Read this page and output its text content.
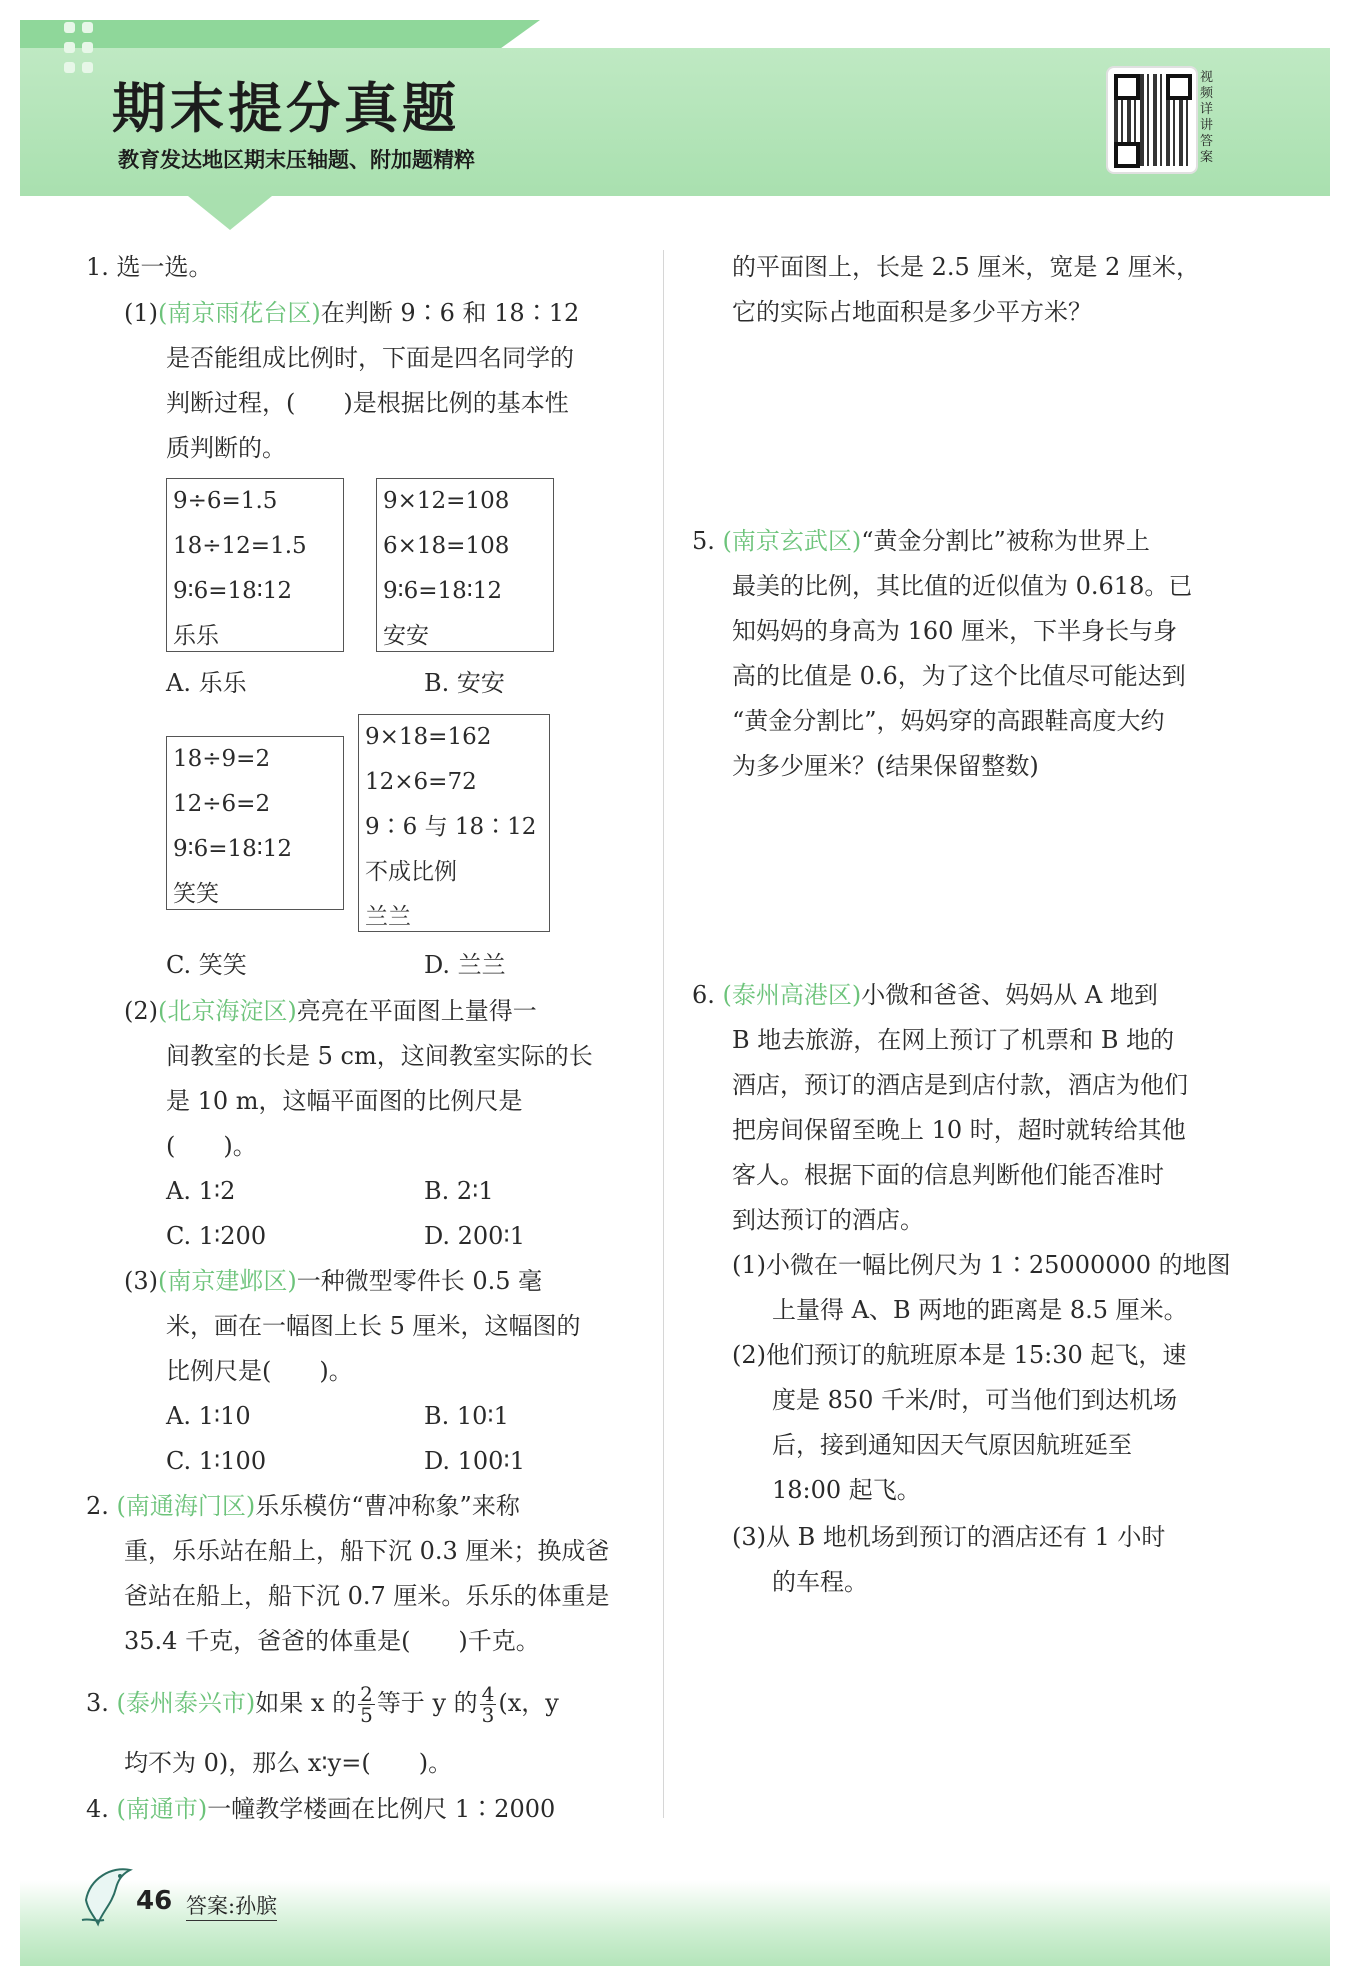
期末提分真题
教育发达地区期末压轴题、附加题精粹
视频详讲答案
1. 选一选。
(1)(南京雨花台区)在判断 9∶6 和 18∶12
是否能组成比例时，下面是四名同学的
判断过程，(　　)是根据比例的基本性
质判断的。
9÷6=1.5
18÷12=1.5
9∶6=18∶12
乐乐
9×12=108
6×18=108
9∶6=18∶12
安安
A. 乐乐	B. 安安
18÷9=2
12÷6=2
9∶6=18∶12
笑笑
9×18=162
12×6=72
9∶6 与 18∶12
不成比例
兰兰
C. 笑笑	D. 兰兰
(2)(北京海淀区)亮亮在平面图上量得一
间教室的长是 5 cm，这间教室实际的长
是 10 m，这幅平面图的比例尺是
(　　)。
A. 1∶2	B. 2∶1
C. 1∶200	D. 200∶1
(3)(南京建邺区)一种微型零件长 0.5 毫
米，画在一幅图上长 5 厘米，这幅图的
比例尺是(　　)。
A. 1∶10	B. 10∶1
C. 1∶100	D. 100∶1
2. (南通海门区)乐乐模仿“曹冲称象”来称
重，乐乐站在船上，船下沉 0.3 厘米；换成爸
爸站在船上，船下沉 0.7 厘米。乐乐的体重是
35.4 千克，爸爸的体重是(　　)千克。
3. (泰州泰兴市)如果 x 的 $\frac{2}{5}$ 等于 y 的 $\frac{4}{3} (x$，y
均不为 0)，那么 x∶y=(　　)。
4. (南通市)一幢教学楼画在比例尺 1∶2000
的平面图上，长是 2.5 厘米，宽是 2 厘米，
它的实际占地面积是多少平方米？
5. (南京玄武区)“黄金分割比”被称为世界上
最美的比例，其比值的近似值为 0.618。已
知妈妈的身高为 160 厘米，下半身长与身
高的比值是 0.6，为了这个比值尽可能达到
“黄金分割比”，妈妈穿的高跟鞋高度大约
为多少厘米？(结果保留整数)
6. (泰州高港区)小微和爸爸、妈妈从 A 地到
B 地去旅游，在网上预订了机票和 B 地的
酒店，预订的酒店是到店付款，酒店为他们
把房间保留至晚上 10 时，超时就转给其他
客人。根据下面的信息判断他们能否准时
到达预订的酒店。
(1)小微在一幅比例尺为 1∶25000000 的地图
上量得 A、B 两地的距离是 8.5 厘米。
(2)他们预订的航班原本是 15:30 起飞，速
度是 850 千米/时，可当他们到达机场
后，接到通知因天气原因航班延至
18:00 起飞。
(3)从 B 地机场到预订的酒店还有 1 小时
的车程。
46 答案:孙膑
